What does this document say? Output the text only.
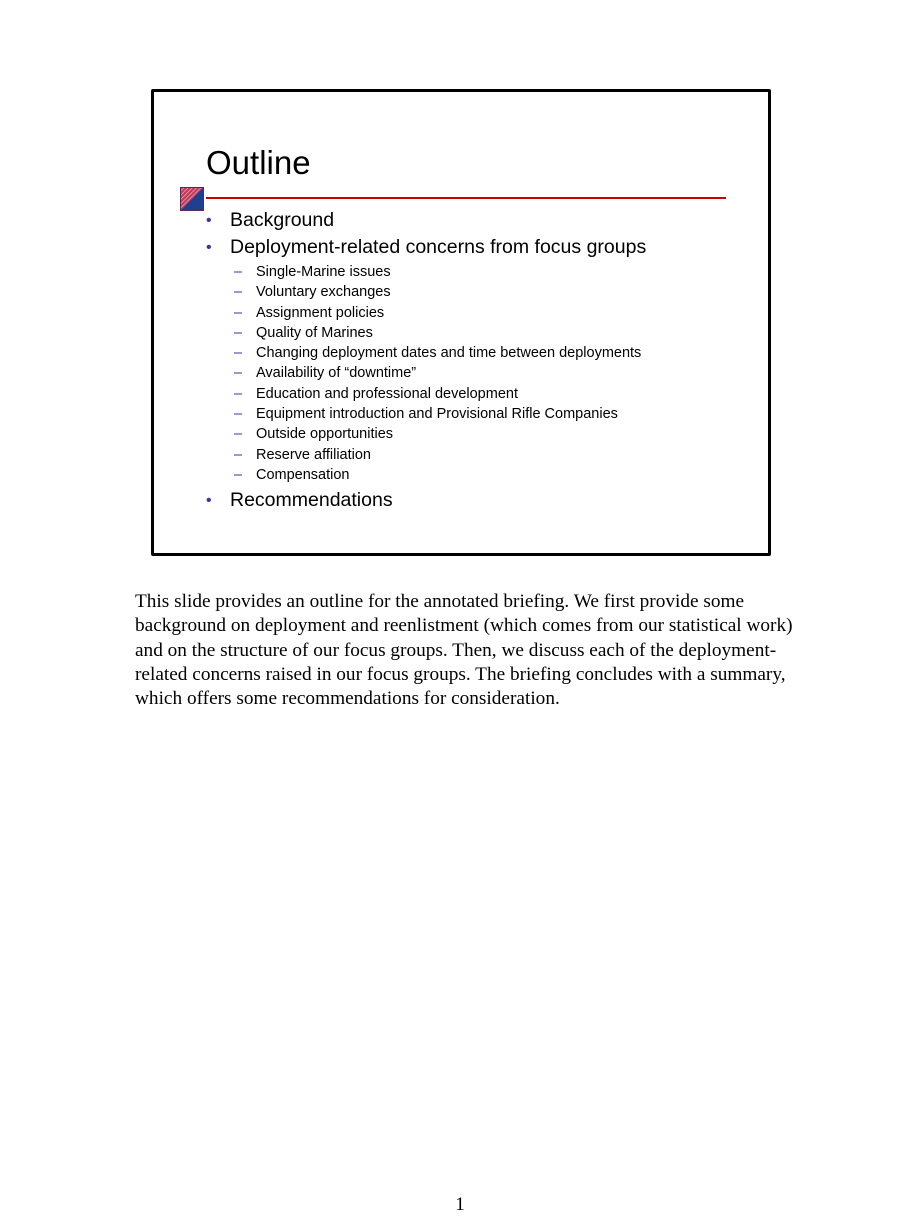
Outline
• Background
• Deployment-related concerns from focus groups
– Single-Marine issues
– Voluntary exchanges
– Assignment policies
– Quality of Marines
– Changing deployment dates and time between deployments
– Availability of “downtime”
– Education and professional development
– Equipment introduction and Provisional Rifle Companies
– Outside opportunities
– Reserve affiliation
– Compensation
• Recommendations

This slide provides an outline for the annotated briefing. We first provide some background on deployment and reenlistment (which comes from our statistical work) and on the structure of our focus groups. Then, we discuss each of the deployment-related concerns raised in our focus groups. The briefing concludes with a summary, which offers some recommendations for consideration.

1
